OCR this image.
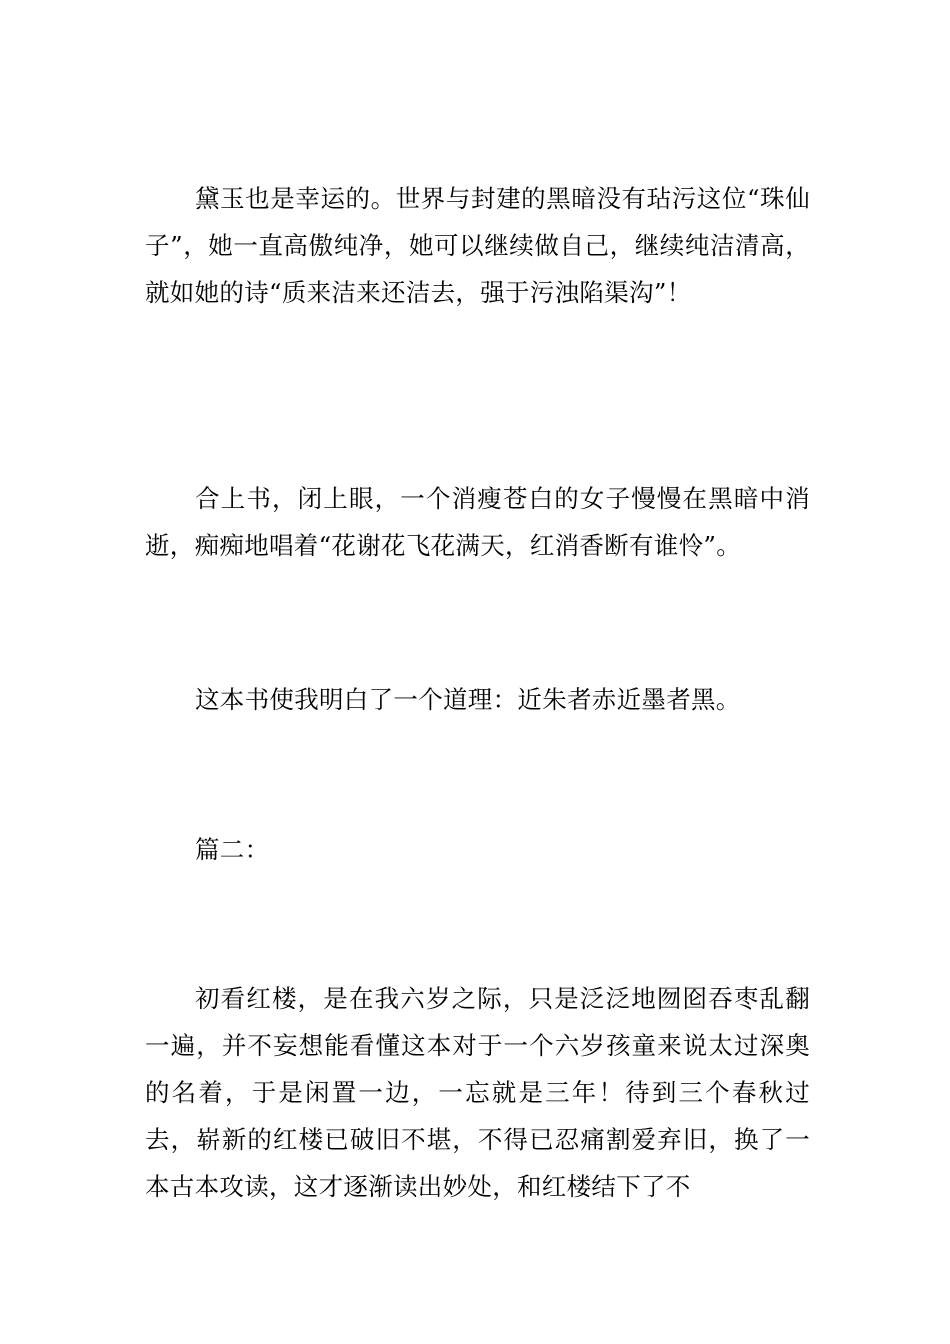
黛玉也是幸运的。世界与封建的黑暗没有玷污这位“珠仙子”，她一直高傲纯净，她可以继续做自己，继续纯洁清高，就如她的诗“质来洁来还洁去，强于污浊陷渠沟”！

合上书，闭上眼，一个消瘦苍白的女子慢慢在黑暗中消逝，痴痴地唱着“花谢花飞花满天，红消香断有谁怜”。

这本书使我明白了一个道理：近朱者赤近墨者黑。

篇二：

初看红楼，是在我六岁之际，只是泛泛地囫囵吞枣乱翻一遍，并不妄想能看懂这本对于一个六岁孩童来说太过深奥的名着，于是闲置一边，一忘就是三年！待到三个春秋过去，崭新的红楼已破旧不堪，不得已忍痛割爱弃旧，换了一本古本攻读，这才逐渐读出妙处，和红楼结下了不
